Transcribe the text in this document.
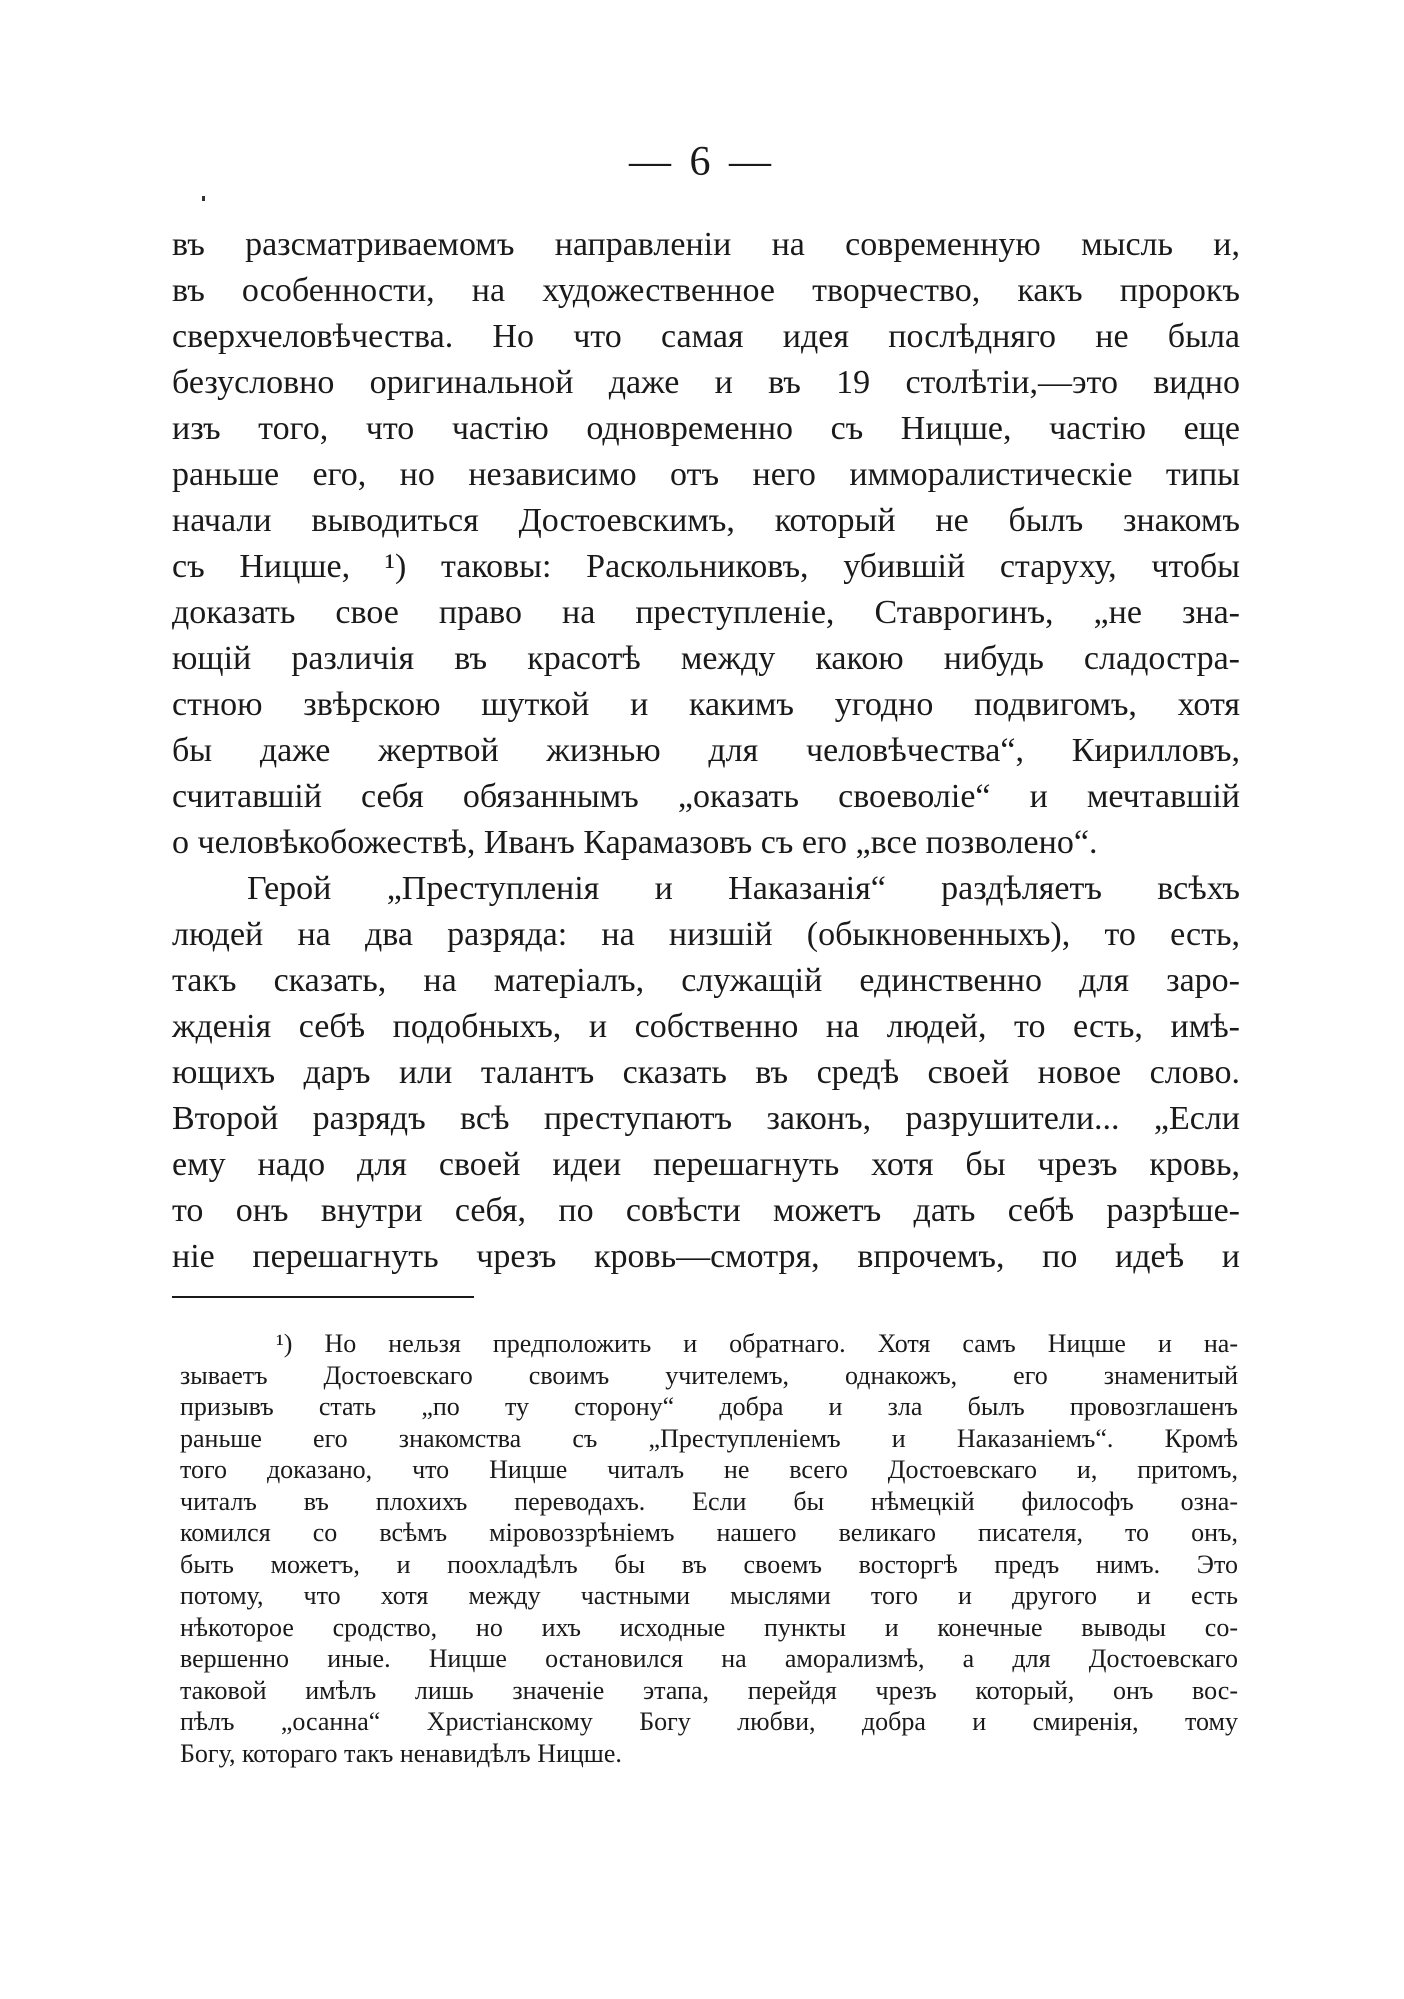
— 6 —
въ разсматриваемомъ направленіи на современную мысль и,
въ особенности, на художественное творчество, какъ пророкъ
сверхчеловѣчества. Но что самая идея послѣдняго не была
безусловно оригинальной даже и въ 19 столѣтіи,—это видно
изъ того, что частію одновременно съ Ницше, частію еще
раньше его, но независимо отъ него имморалистическіе типы
начали выводиться Достоевскимъ, который не былъ знакомъ
съ Ницше, ¹) таковы: Раскольниковъ, убившій старуху, чтобы
доказать свое право на преступленіе, Ставрогинъ, „не зна-
ющій различія въ красотѣ между какою нибудь сладостра-
стною звѣрскою шуткой и какимъ угодно подвигомъ, хотя
бы даже жертвой жизнью для человѣчества“, Кирилловъ,
считавшій себя обязаннымъ „оказать своеволіе“ и мечтавшій
о человѣкобожествѣ, Иванъ Карамазовъ съ его „все позволено“.
Герой „Преступленія и Наказанія“ раздѣляетъ всѣхъ
людей на два разряда: на низшій (обыкновенныхъ), то есть,
такъ сказать, на матеріалъ, служащій единственно для заро-
жденія себѣ подобныхъ, и собственно на людей, то есть, имѣ-
ющихъ даръ или талантъ сказать въ средѣ своей новое слово.
Второй разрядъ всѣ преступаютъ законъ, разрушители... „Если
ему надо для своей идеи перешагнуть хотя бы чрезъ кровь,
то онъ внутри себя, по совѣсти можетъ дать себѣ разрѣше-
ніе перешагнуть чрезъ кровь—смотря, впрочемъ, по идеѣ и
¹) Но нельзя предположить и обратнаго. Хотя самъ Ницше и на-
зываетъ Достоевскаго своимъ учителемъ, однакожъ, его знаменитый
призывъ стать „по ту сторону“ добра и зла былъ провозглашенъ
раньше его знакомства съ „Преступленіемъ и Наказаніемъ“. Кромѣ
того доказано, что Ницше читалъ не всего Достоевскаго и, притомъ,
читалъ въ плохихъ переводахъ. Если бы нѣмецкій философъ озна-
комился со всѣмъ міровоззрѣніемъ нашего великаго писателя, то онъ,
быть можетъ, и поохладѣлъ бы въ своемъ восторгѣ предъ нимъ. Это
потому, что хотя между частными мыслями того и другого и есть
нѣкоторое сродство, но ихъ исходные пункты и конечные выводы со-
вершенно иные. Ницше остановился на аморализмѣ, а для Достоевскаго
таковой имѣлъ лишь значеніе этапа, перейдя чрезъ который, онъ вос-
пѣлъ „осанна“ Христіанскому Богу любви, добра и смиренія, тому
Богу, котораго такъ ненавидѣлъ Ницше.
